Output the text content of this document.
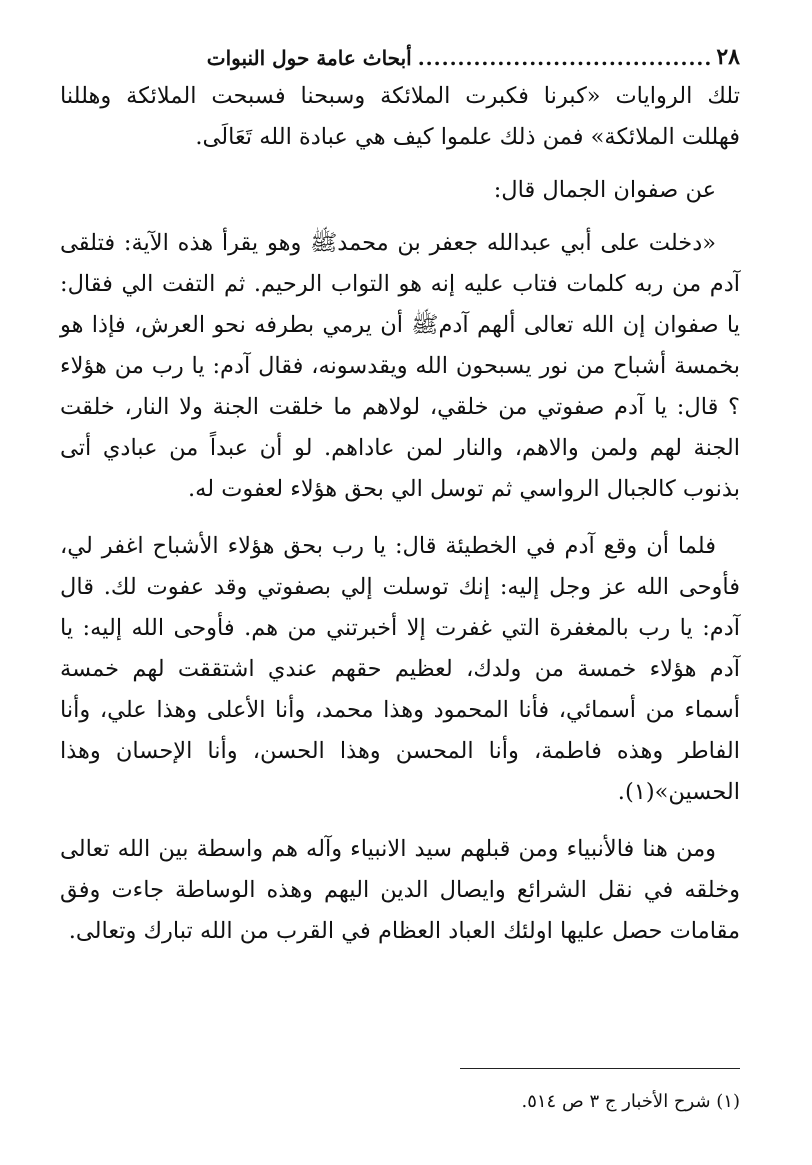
٢٨
.....................................
أبحاث عامة حول النبوات

تلك الروايات «كبرنا فكبرت الملائكة وسبحنا فسبحت الملائكة وهللنا فهللت الملائكة» فمن ذلك علموا كيف هي عبادة الله تَعَالَى.

عن صفوان الجمال قال:

«دخلت على أبي عبدالله جعفر بن محمدﷺ وهو يقرأ هذه الآية: فتلقى آدم من ربه كلمات فتاب عليه إنه هو التواب الرحيم. ثم التفت الي فقال: يا صفوان إن الله تعالى ألهم آدمﷺ أن يرمي بطرفه نحو العرش، فإذا هو بخمسة أشباح من نور يسبحون الله ويقدسونه، فقال آدم: يا رب من هؤلاء ؟ قال: يا آدم صفوتي من خلقي، لولاهم ما خلقت الجنة ولا النار، خلقت الجنة لهم ولمن والاهم، والنار لمن عاداهم. لو أن عبداً من عبادي أتى بذنوب كالجبال الرواسي ثم توسل الي بحق هؤلاء لعفوت له.

فلما أن وقع آدم في الخطيئة قال: يا رب بحق هؤلاء الأشباح اغفر لي، فأوحى الله عز وجل إليه: إنك توسلت إلي بصفوتي وقد عفوت لك. قال آدم: يا رب بالمغفرة التي غفرت إلا أخبرتني من هم. فأوحى الله إليه: يا آدم هؤلاء خمسة من ولدك، لعظيم حقهم عندي اشتققت لهم خمسة أسماء من أسمائي، فأنا المحمود وهذا محمد، وأنا الأعلى وهذا علي، وأنا الفاطر وهذه فاطمة، وأنا المحسن وهذا الحسن، وأنا الإحسان وهذا الحسين»(١).

ومن هنا فالأنبياء ومن قبلهم سيد الانبياء وآله هم واسطة بين الله تعالى وخلقه في نقل الشرائع وايصال الدين اليهم وهذه الوساطة جاءت وفق مقامات حصل عليها اولئك العباد العظام في القرب من الله تبارك وتعالى.

(١) شرح الأخبار ج ٣ ص ٥١٤.
